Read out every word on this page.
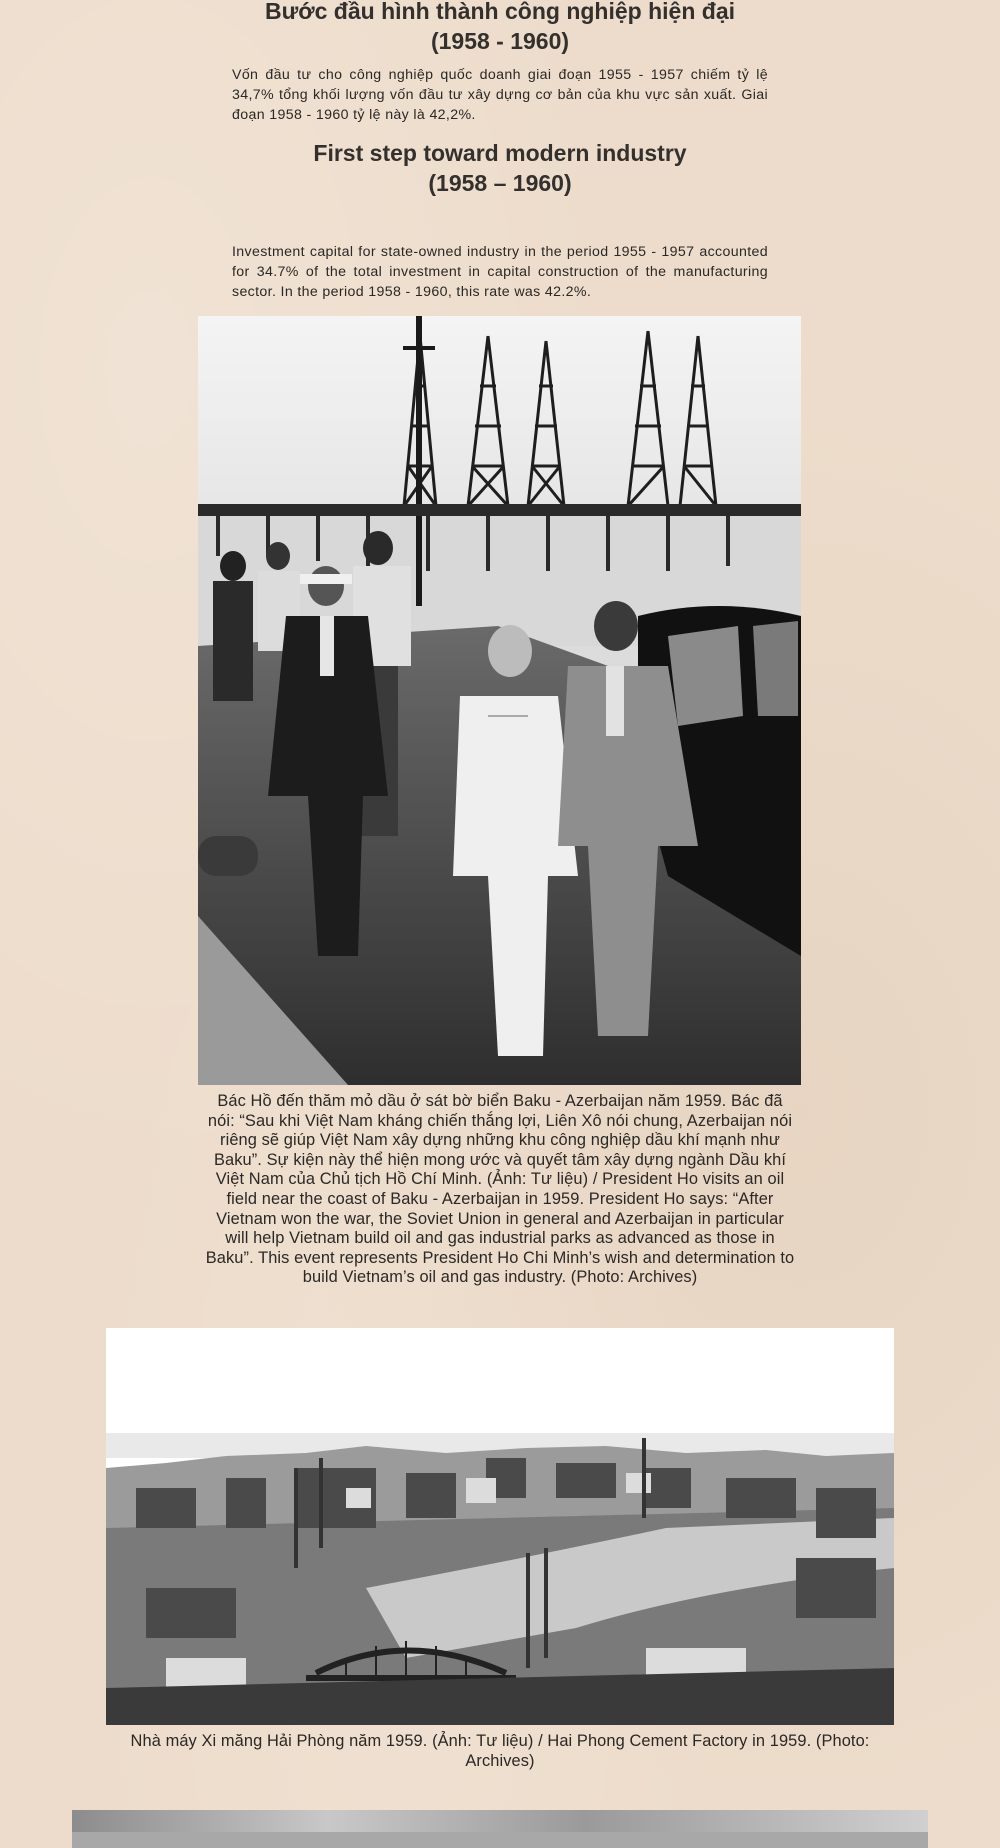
Bước đầu hình thành công nghiệp hiện đại
(1958 - 1960)
Vốn đầu tư cho công nghiệp quốc doanh giai đoạn 1955 - 1957 chiếm tỷ lệ 34,7% tổng khối lượng vốn đầu tư xây dựng cơ bản của khu vực sản xuất. Giai đoạn 1958 - 1960 tỷ lệ này là 42,2%.
First step toward modern industry
(1958 – 1960)
Investment capital for state-owned industry in the period 1955 - 1957 accounted for 34.7% of the total investment in capital construction of the manufacturing sector. In the period 1958 - 1960, this rate was 42.2%.
Bác Hồ đến thăm mỏ dầu ở sát bờ biển Baku - Azerbaijan năm 1959. Bác đã nói: “Sau khi Việt Nam kháng chiến thắng lợi, Liên Xô nói chung, Azerbaijan nói riêng sẽ giúp Việt Nam xây dựng những khu công nghiệp dầu khí mạnh như Baku”. Sự kiện này thể hiện mong ước và quyết tâm xây dựng ngành Dầu khí Việt Nam của Chủ tịch Hồ Chí Minh. (Ảnh: Tư liệu) / President Ho visits an oil field near the coast of Baku - Azerbaijan in 1959. President Ho says: “After Vietnam won the war, the Soviet Union in general and Azerbaijan in particular will help Vietnam build oil and gas industrial parks as advanced as those in Baku”. This event represents President Ho Chi Minh’s wish and determination to build Vietnam’s oil and gas industry. (Photo: Archives)
Nhà máy Xi măng Hải Phòng năm 1959. (Ảnh: Tư liệu) / Hai Phong Cement Factory in 1959. (Photo: Archives)
